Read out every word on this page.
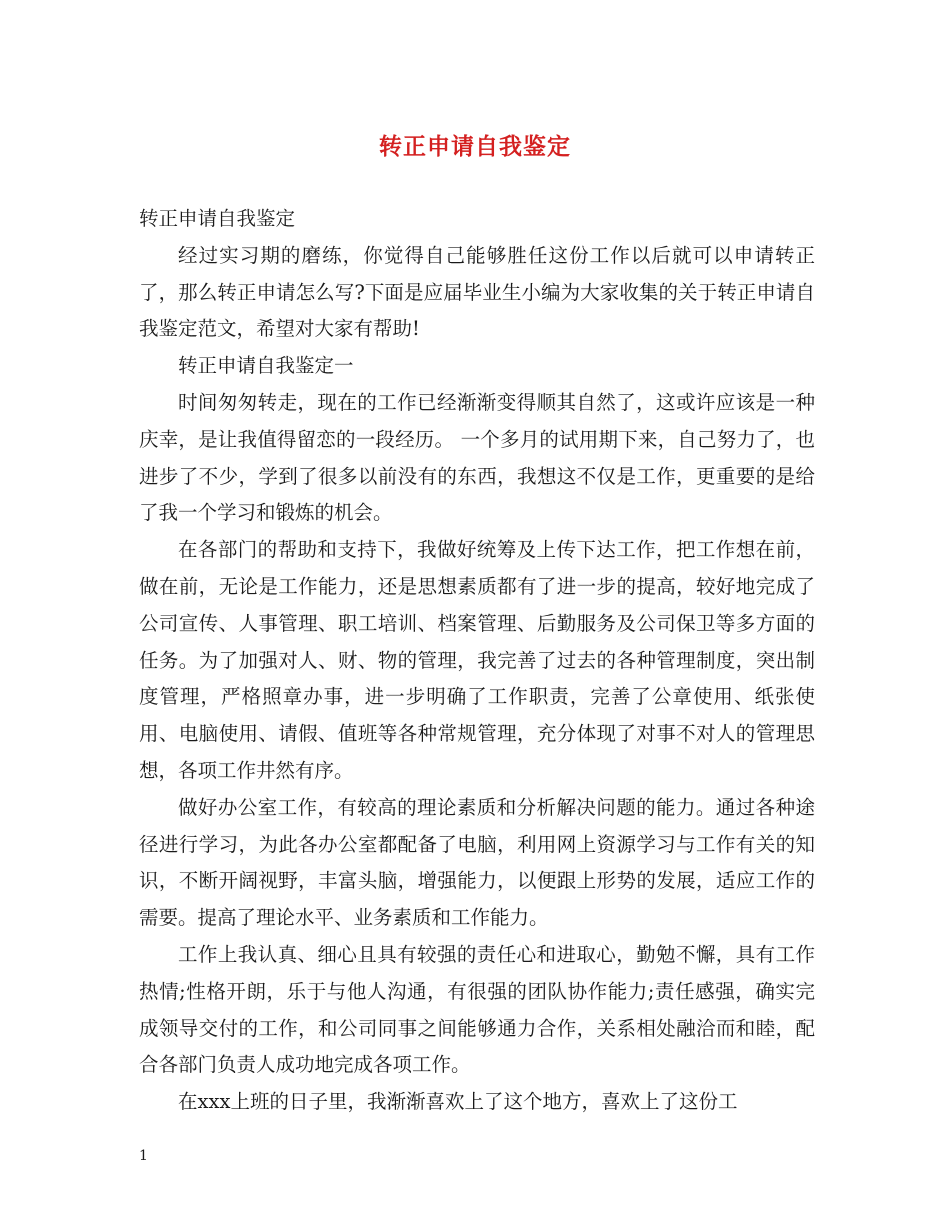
转正申请自我鉴定

转正申请自我鉴定

经过实习期的磨练，你觉得自己能够胜任这份工作以后就可以申请转正了，那么转正申请怎么写?下面是应届毕业生小编为大家收集的关于转正申请自我鉴定范文，希望对大家有帮助!

转正申请自我鉴定一

时间匆匆转走，现在的工作已经渐渐变得顺其自然了，这或许应该是一种庆幸，是让我值得留恋的一段经历。 一个多月的试用期下来，自己努力了，也进步了不少，学到了很多以前没有的东西，我想这不仅是工作，更重要的是给了我一个学习和锻炼的机会。

在各部门的帮助和支持下，我做好统筹及上传下达工作，把工作想在前，做在前，无论是工作能力，还是思想素质都有了进一步的提高，较好地完成了公司宣传、人事管理、职工培训、档案管理、后勤服务及公司保卫等多方面的任务。为了加强对人、财、物的管理，我完善了过去的各种管理制度，突出制度管理，严格照章办事，进一步明确了工作职责，完善了公章使用、纸张使用、电脑使用、请假、值班等各种常规管理，充分体现了对事不对人的管理思想，各项工作井然有序。

做好办公室工作，有较高的理论素质和分析解决问题的能力。通过各种途径进行学习，为此各办公室都配备了电脑，利用网上资源学习与工作有关的知识，不断开阔视野，丰富头脑，增强能力，以便跟上形势的发展，适应工作的需要。提高了理论水平、业务素质和工作能力。

工作上我认真、细心且具有较强的责任心和进取心，勤勉不懈，具有工作热情;性格开朗，乐于与他人沟通，有很强的团队协作能力;责任感强，确实完成领导交付的工作，和公司同事之间能够通力合作，关系相处融洽而和睦，配合各部门负责人成功地完成各项工作。

在xxx上班的日子里，我渐渐喜欢上了这个地方，喜欢上了这份工

1
